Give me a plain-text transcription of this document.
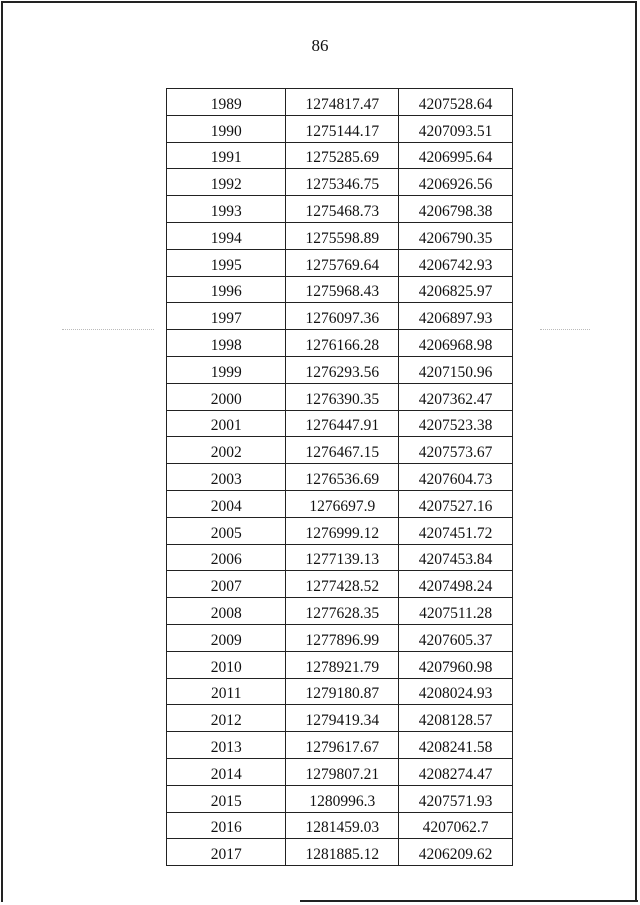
86
1989	1274817.47	4207528.64
1990	1275144.17	4207093.51
1991	1275285.69	4206995.64
1992	1275346.75	4206926.56
1993	1275468.73	4206798.38
1994	1275598.89	4206790.35
1995	1275769.64	4206742.93
1996	1275968.43	4206825.97
1997	1276097.36	4206897.93
1998	1276166.28	4206968.98
1999	1276293.56	4207150.96
2000	1276390.35	4207362.47
2001	1276447.91	4207523.38
2002	1276467.15	4207573.67
2003	1276536.69	4207604.73
2004	1276697.9	4207527.16
2005	1276999.12	4207451.72
2006	1277139.13	4207453.84
2007	1277428.52	4207498.24
2008	1277628.35	4207511.28
2009	1277896.99	4207605.37
2010	1278921.79	4207960.98
2011	1279180.87	4208024.93
2012	1279419.34	4208128.57
2013	1279617.67	4208241.58
2014	1279807.21	4208274.47
2015	1280996.3	4207571.93
2016	1281459.03	4207062.7
2017	1281885.12	4206209.62
